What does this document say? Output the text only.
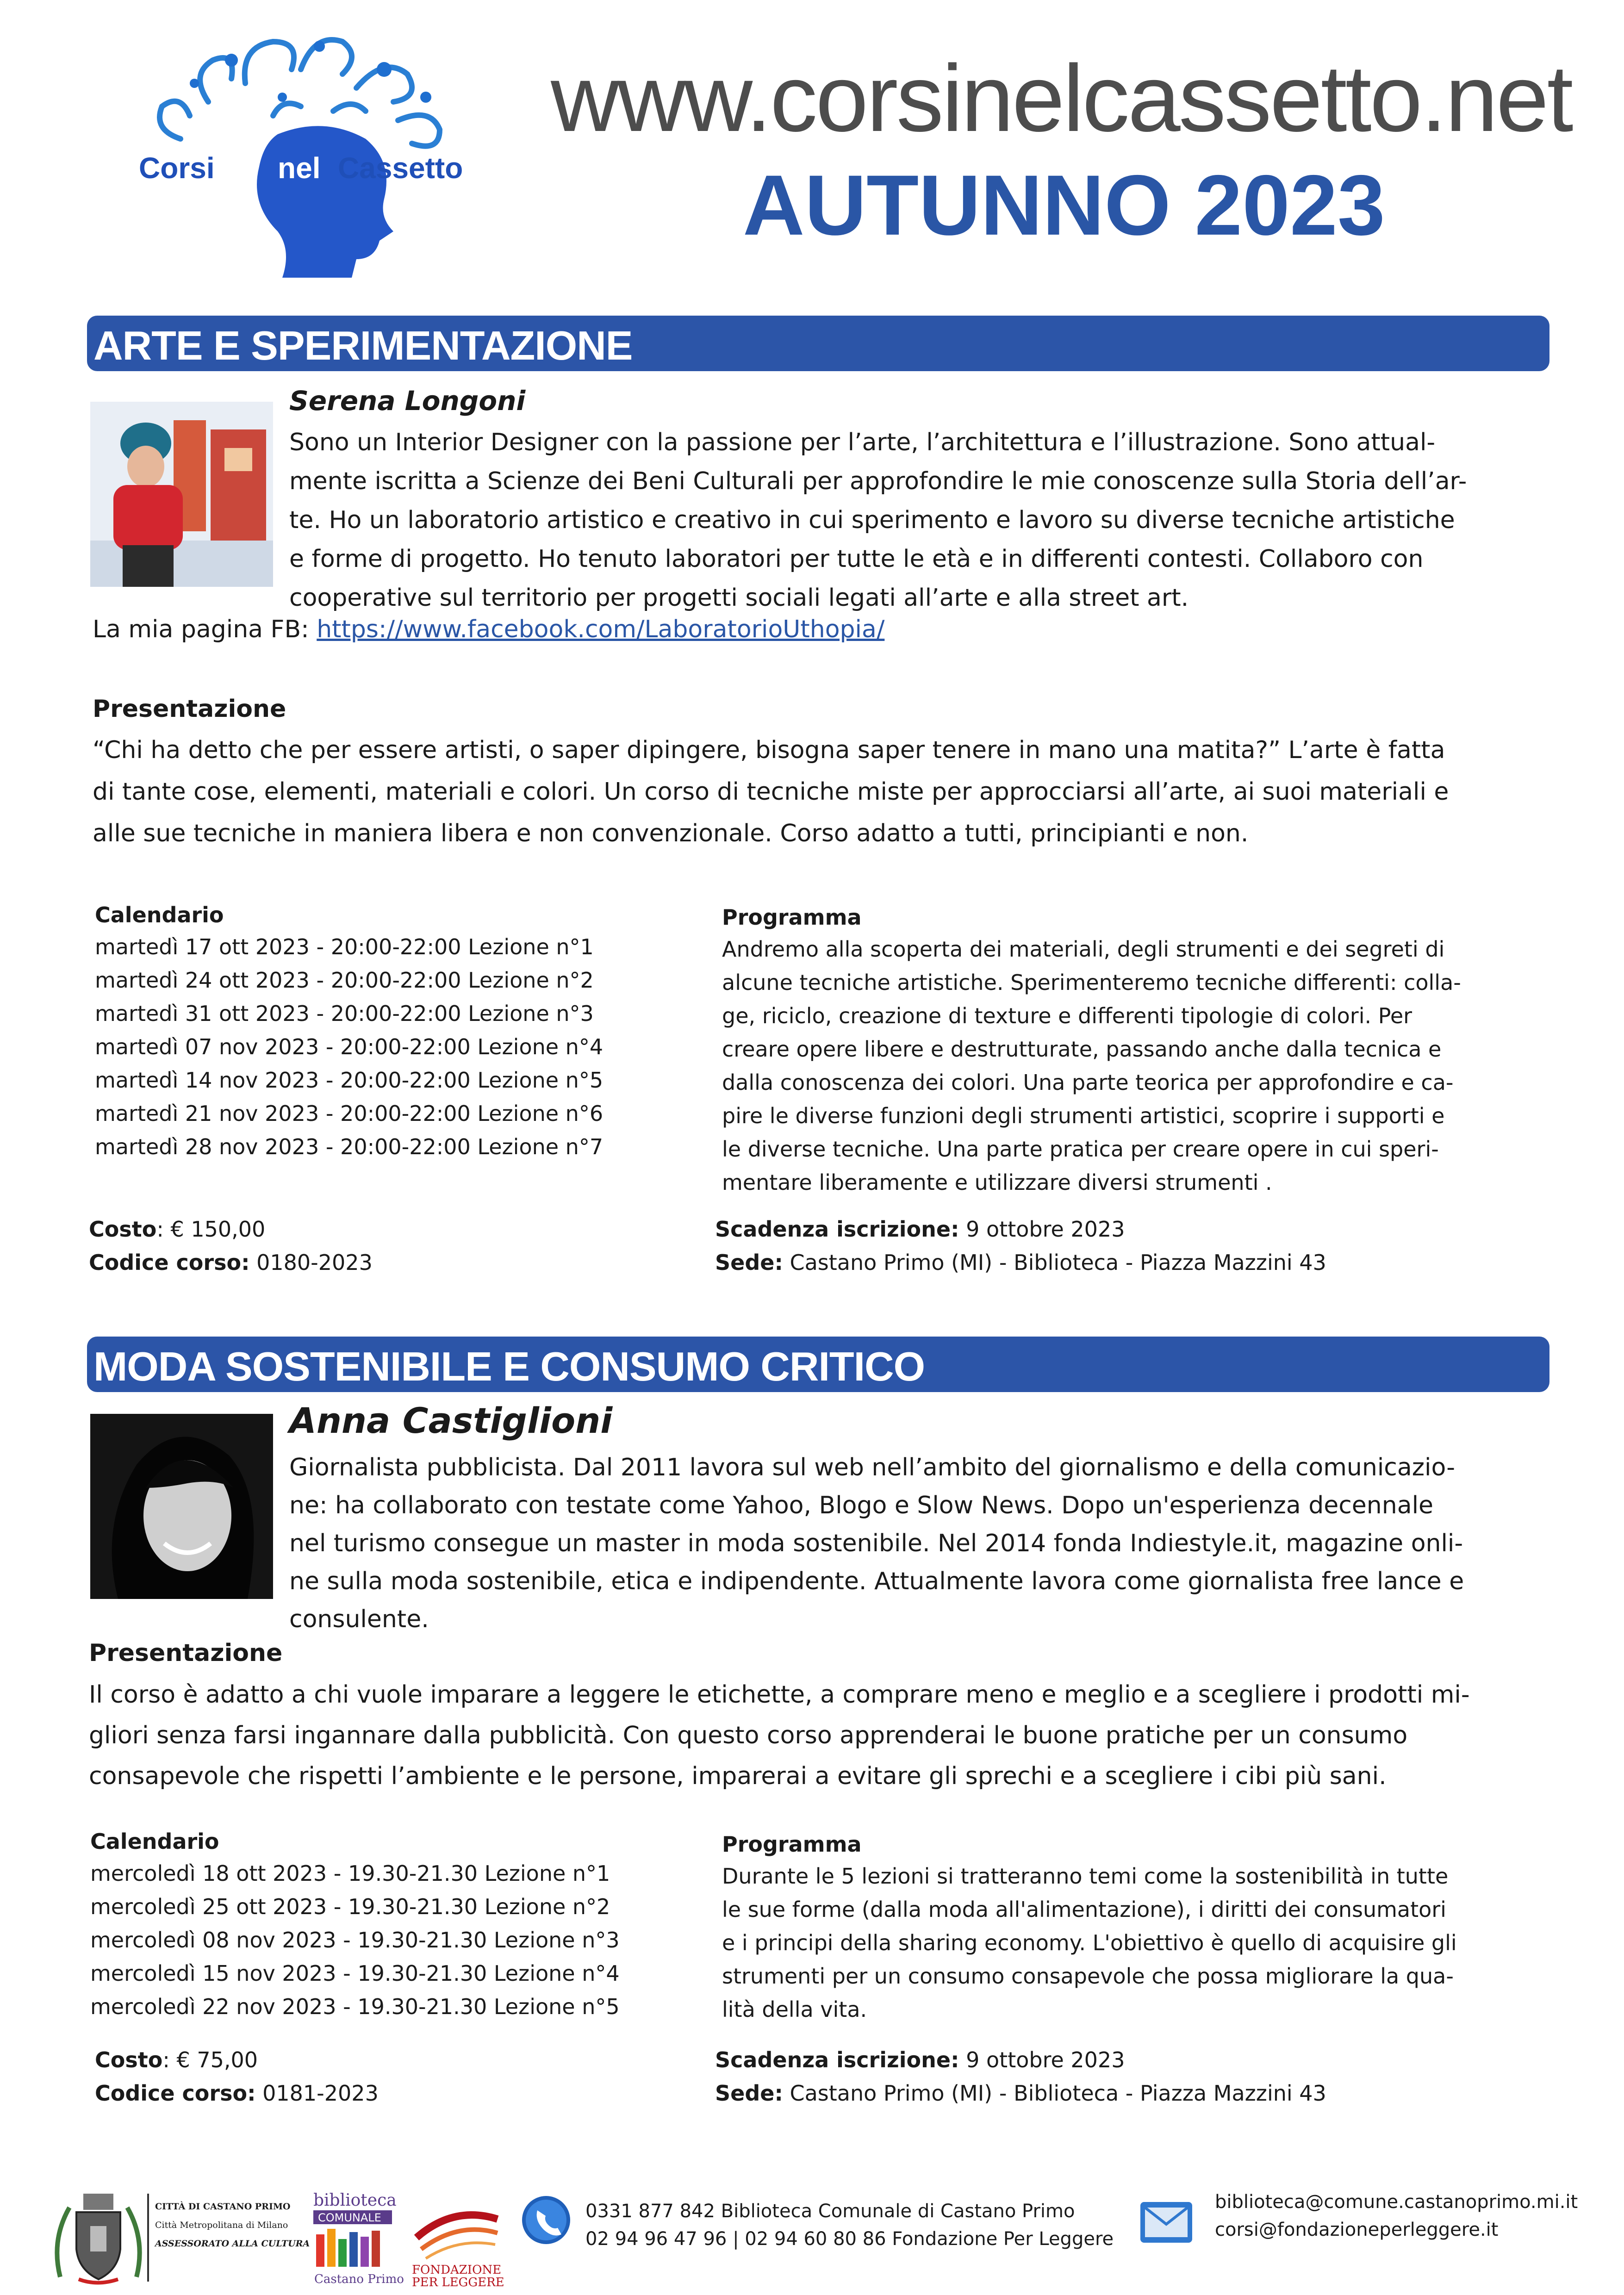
Corsi nel Cassetto
www.corsinelcassetto.net
AUTUNNO 2023
ARTE E SPERIMENTAZIONE
Serena Longoni
Sono un Interior Designer con la passione per l’arte, l’architettura e l’illustrazione. Sono attual-
mente iscritta a Scienze dei Beni Culturali per approfondire le mie conoscenze sulla Storia dell’ar-
te. Ho un laboratorio artistico e creativo in cui sperimento e lavoro su diverse tecniche artistiche
e forme di progetto. Ho tenuto laboratori per tutte le età e in differenti contesti. Collaboro con
cooperative sul territorio per progetti sociali legati all’arte e alla street art.
La mia pagina FB: https://www.facebook.com/LaboratorioUthopia/
Presentazione
“Chi ha detto che per essere artisti, o saper dipingere, bisogna saper tenere in mano una matita?” L’arte è fatta
di tante cose, elementi, materiali e colori. Un corso di tecniche miste per approcciarsi all’arte, ai suoi materiali e
alle sue tecniche in maniera libera e non convenzionale. Corso adatto a tutti, principianti e non.
Calendario
martedì 17 ott 2023 - 20:00-22:00 Lezione n°1
martedì 24 ott 2023 - 20:00-22:00 Lezione n°2
martedì 31 ott 2023 - 20:00-22:00 Lezione n°3
martedì 07 nov 2023 - 20:00-22:00 Lezione n°4
martedì 14 nov 2023 - 20:00-22:00 Lezione n°5
martedì 21 nov 2023 - 20:00-22:00 Lezione n°6
martedì 28 nov 2023 - 20:00-22:00 Lezione n°7
Programma
Andremo alla scoperta dei materiali, degli strumenti e dei segreti di
alcune tecniche artistiche. Sperimenteremo tecniche differenti: colla-
ge, riciclo, creazione di texture e differenti tipologie di colori. Per
creare opere libere e destrutturate, passando anche dalla tecnica e
dalla conoscenza dei colori. Una parte teorica per approfondire e ca-
pire le diverse funzioni degli strumenti artistici, scoprire i supporti e
le diverse tecniche. Una parte pratica per creare opere in cui speri-
mentare liberamente e utilizzare diversi strumenti .
Costo: € 150,00
Codice corso: 0180-2023
Scadenza iscrizione: 9 ottobre 2023
Sede: Castano Primo (MI) - Biblioteca - Piazza Mazzini 43
MODA SOSTENIBILE E CONSUMO CRITICO
Anna Castiglioni
Giornalista pubblicista. Dal 2011 lavora sul web nell’ambito del giornalismo e della comunicazio-
ne: ha collaborato con testate come Yahoo, Blogo e Slow News. Dopo un'esperienza decennale
nel turismo consegue un master in moda sostenibile. Nel 2014 fonda Indiestyle.it, magazine onli-
ne sulla moda sostenibile, etica e indipendente. Attualmente lavora come giornalista free lance e
consulente.
Presentazione
Il corso è adatto a chi vuole imparare a leggere le etichette, a comprare meno e meglio e a scegliere i prodotti mi-
gliori senza farsi ingannare dalla pubblicità. Con questo corso apprenderai le buone pratiche per un consumo
consapevole che rispetti l’ambiente e le persone, imparerai a evitare gli sprechi e a scegliere i cibi più sani.
Calendario
mercoledì 18 ott 2023 - 19.30-21.30 Lezione n°1
mercoledì 25 ott 2023 - 19.30-21.30 Lezione n°2
mercoledì 08 nov 2023 - 19.30-21.30 Lezione n°3
mercoledì 15 nov 2023 - 19.30-21.30 Lezione n°4
mercoledì 22 nov 2023 - 19.30-21.30 Lezione n°5
Programma
Durante le 5 lezioni si tratteranno temi come la sostenibilità in tutte
le sue forme (dalla moda all'alimentazione), i diritti dei consumatori
e i principi della sharing economy. L'obiettivo è quello di acquisire gli
strumenti per un consumo consapevole che possa migliorare la qua-
lità della vita.
Costo: € 75,00
Codice corso: 0181-2023
Scadenza iscrizione: 9 ottobre 2023
Sede: Castano Primo (MI) - Biblioteca - Piazza Mazzini 43
CITTÀ DI CASTANO PRIMO
Città Metropolitana di Milano
ASSESSORATO ALLA CULTURA
biblioteca
COMUNALE
Castano Primo
FONDAZIONE
PER LEGGERE
0331 877 842 Biblioteca Comunale di Castano Primo
02 94 96 47 96 | 02 94 60 80 86 Fondazione Per Leggere
biblioteca@comune.castanoprimo.mi.it
corsi@fondazioneperleggere.it
